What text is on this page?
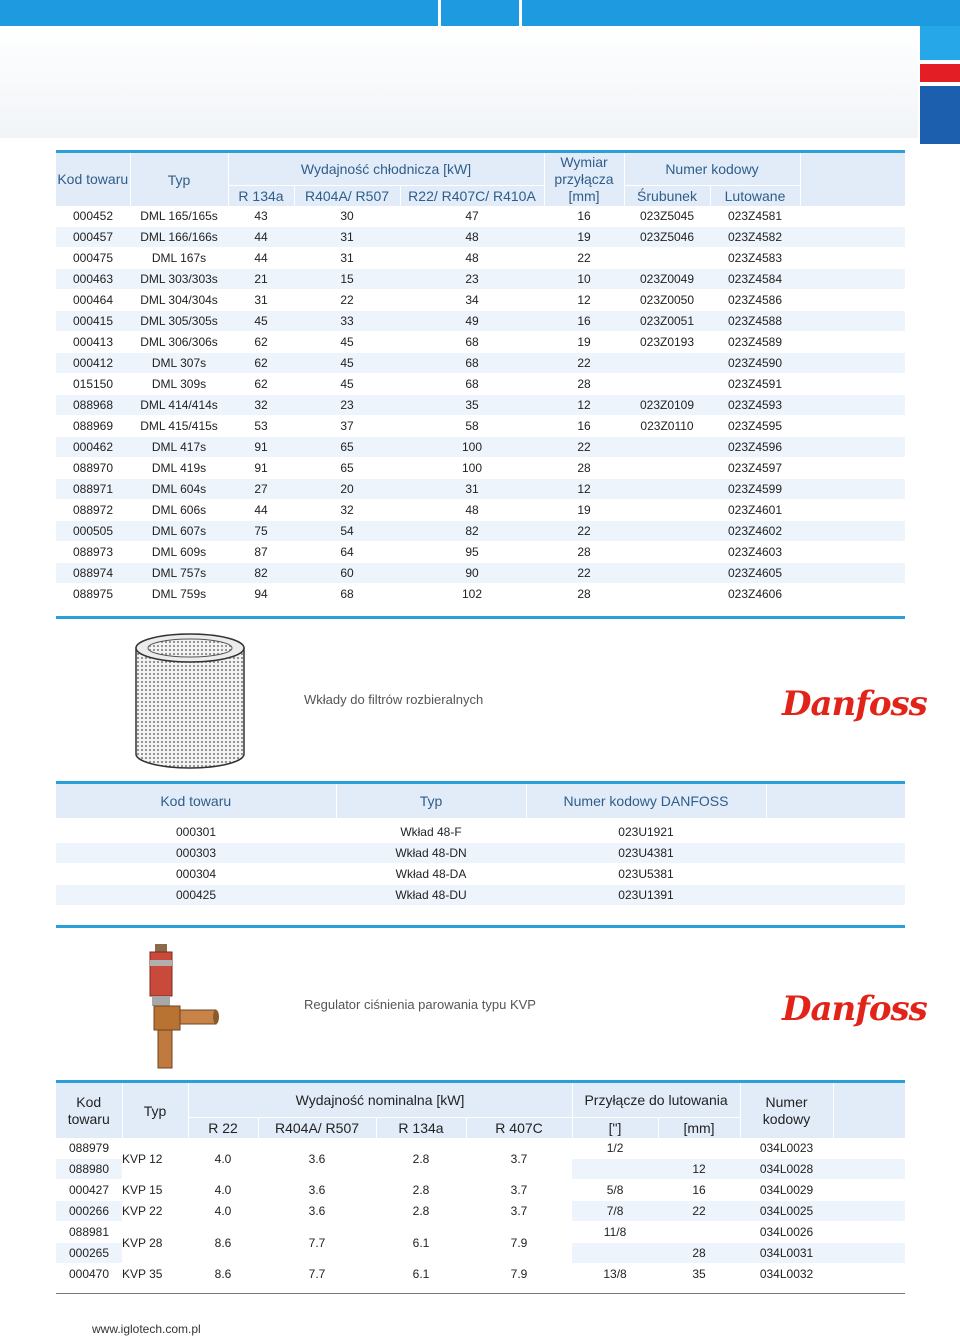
Kod towaru	Typ	Wydajność chłodnicza [kW]			Wymiar przyłącza [mm]	Numer kodowy		
		R 134a	R404A/ R507	R22/ R407C/ R410A		Śrubunek	Lutowane	
000452	DML 165/165s	43	30	47	16	023Z5045	023Z4581	
000457	DML 166/166s	44	31	48	19	023Z5046	023Z4582	
000475	DML 167s	44	31	48	22		023Z4583	
000463	DML 303/303s	21	15	23	10	023Z0049	023Z4584	
000464	DML 304/304s	31	22	34	12	023Z0050	023Z4586	
000415	DML 305/305s	45	33	49	16	023Z0051	023Z4588	
000413	DML 306/306s	62	45	68	19	023Z0193	023Z4589	
000412	DML 307s	62	45	68	22		023Z4590	
015150	DML 309s	62	45	68	28		023Z4591	
088968	DML 414/414s	32	23	35	12	023Z0109	023Z4593	
088969	DML 415/415s	53	37	58	16	023Z0110	023Z4595	
000462	DML 417s	91	65	100	22		023Z4596	
088970	DML 419s	91	65	100	28		023Z4597	
088971	DML 604s	27	20	31	12		023Z4599	
088972	DML 606s	44	32	48	19		023Z4601	
000505	DML 607s	75	54	82	22		023Z4602	
088973	DML 609s	87	64	95	28		023Z4603	
088974	DML 757s	82	60	90	22		023Z4605	
088975	DML 759s	94	68	102	28		023Z4606	
Wkłady do filtrów rozbieralnych	Danfoss
Kod towaru	Typ	Numer kodowy DANFOSS	

000301	Wkład 48-F	023U1921	
000303	Wkład 48-DN	023U4381	
000304	Wkład 48-DA	023U5381	
000425	Wkład 48-DU	023U1391	
Regulator ciśnienia parowania typu KVP	Danfoss
Kod towaru	Typ	Wydajność nominalna [kW]				Przyłącze do lutowania		Numer kodowy	
		R 22	R404A/ R507	R 134a	R 407C	["]	[mm]		
088979	KVP 12	4.0	3.6	2.8	3.7	1/2		034L0023	
088980							12	034L0028	
000427	KVP 15	4.0	3.6	2.8	3.7	5/8	16	034L0029	
000266	KVP 22	4.0	3.6	2.8	3.7	7/8	22	034L0025	
088981	KVP 28	8.6	7.7	6.1	7.9	11/8		034L0026	
000265							28	034L0031	
000470	KVP 35	8.6	7.7	6.1	7.9	13/8	35	034L0032	
www.iglotech.com.pl
